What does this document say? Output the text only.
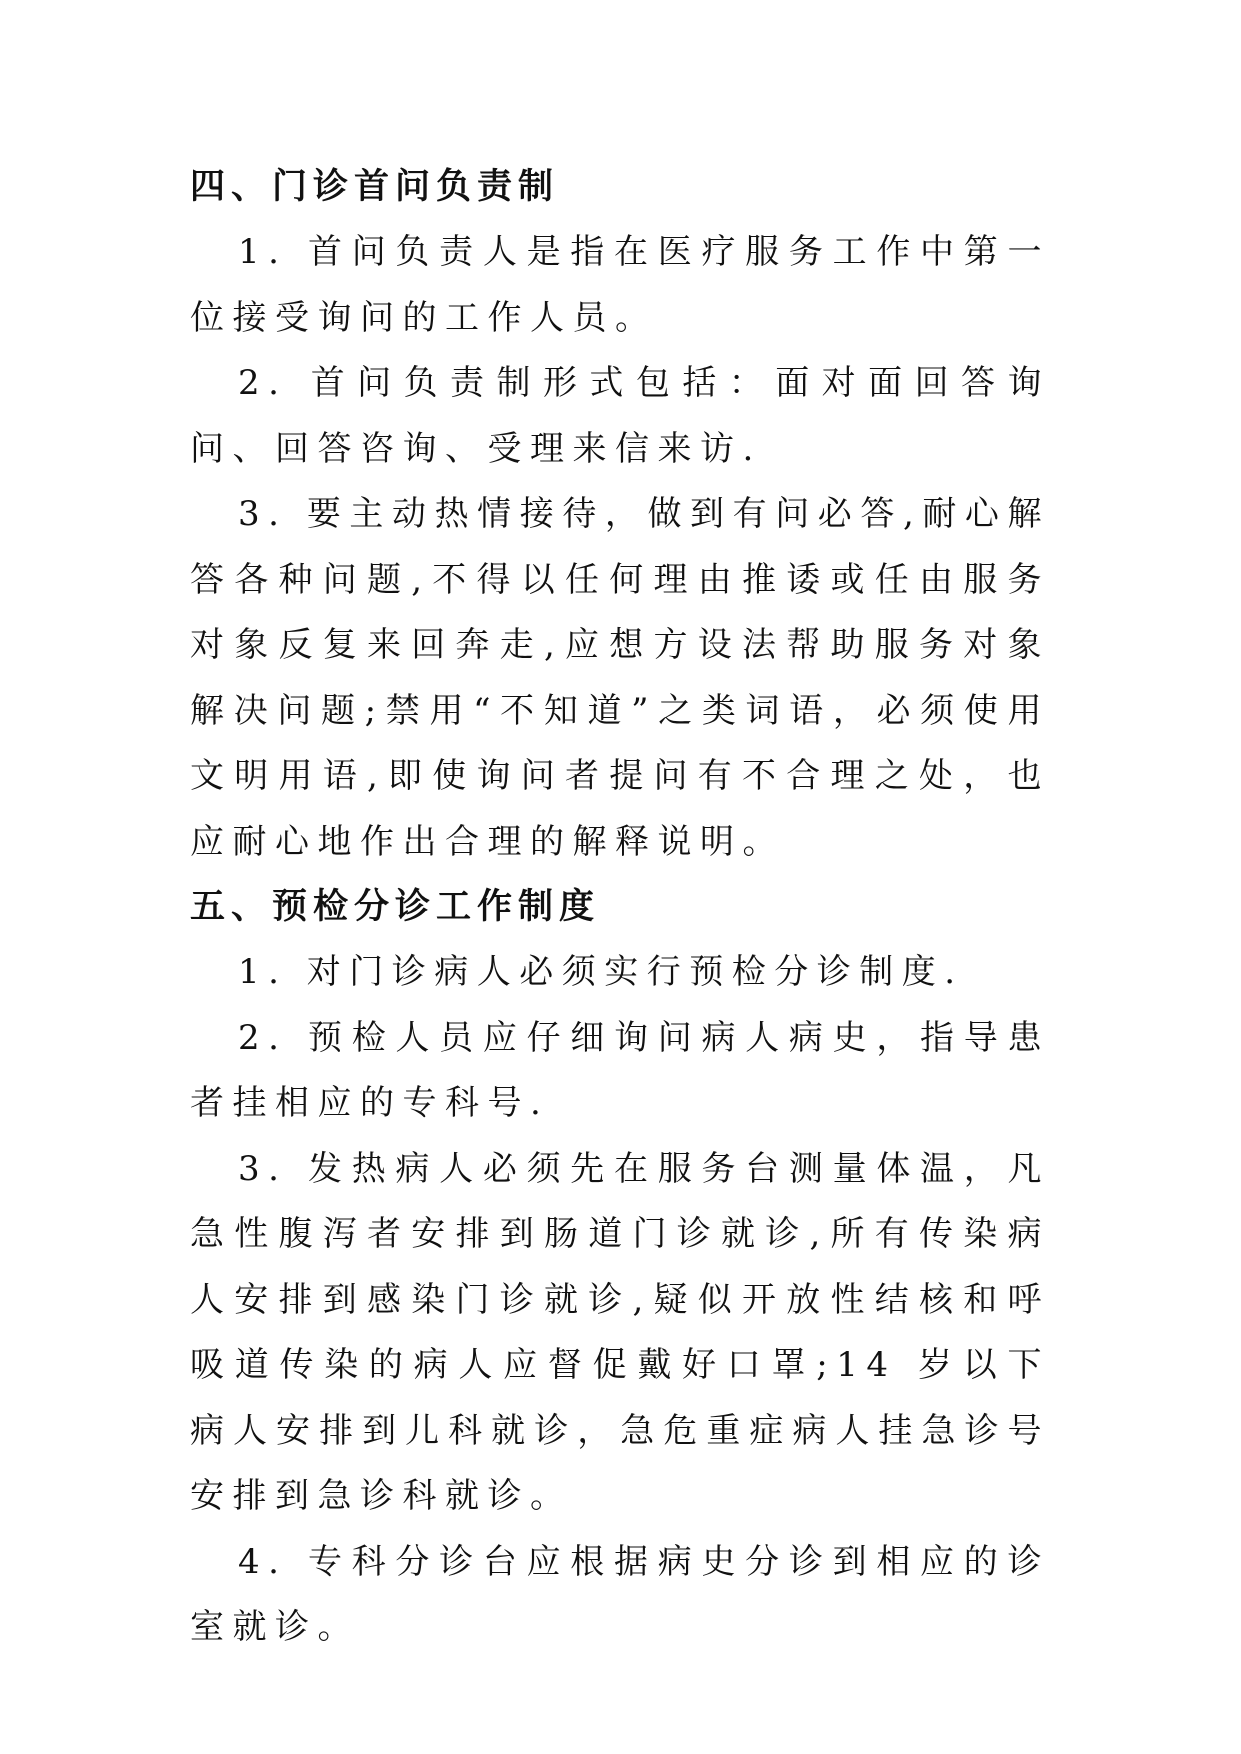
四、门诊首问负责制

1. 首问负责人是指在医疗服务工作中第一位接受询问的工作人员。

2. 首问负责制形式包括：面对面回答询问、回答咨询、受理来信来访.

3. 要主动热情接待，做到有问必答,耐心解答各种问题,不得以任何理由推诿或任由服务对象反复来回奔走,应想方设法帮助服务对象解决问题;禁用“不知道”之类词语，必须使用文明用语,即使询问者提问有不合理之处，也应耐心地作出合理的解释说明。

五、预检分诊工作制度

1. 对门诊病人必须实行预检分诊制度.

2. 预检人员应仔细询问病人病史，指导患者挂相应的专科号.

3. 发热病人必须先在服务台测量体温，凡急性腹泻者安排到肠道门诊就诊,所有传染病人安排到感染门诊就诊,疑似开放性结核和呼吸道传染的病人应督促戴好口罩;14 岁以下病人安排到儿科就诊，急危重症病人挂急诊号安排到急诊科就诊。

4. 专科分诊台应根据病史分诊到相应的诊室就诊。
